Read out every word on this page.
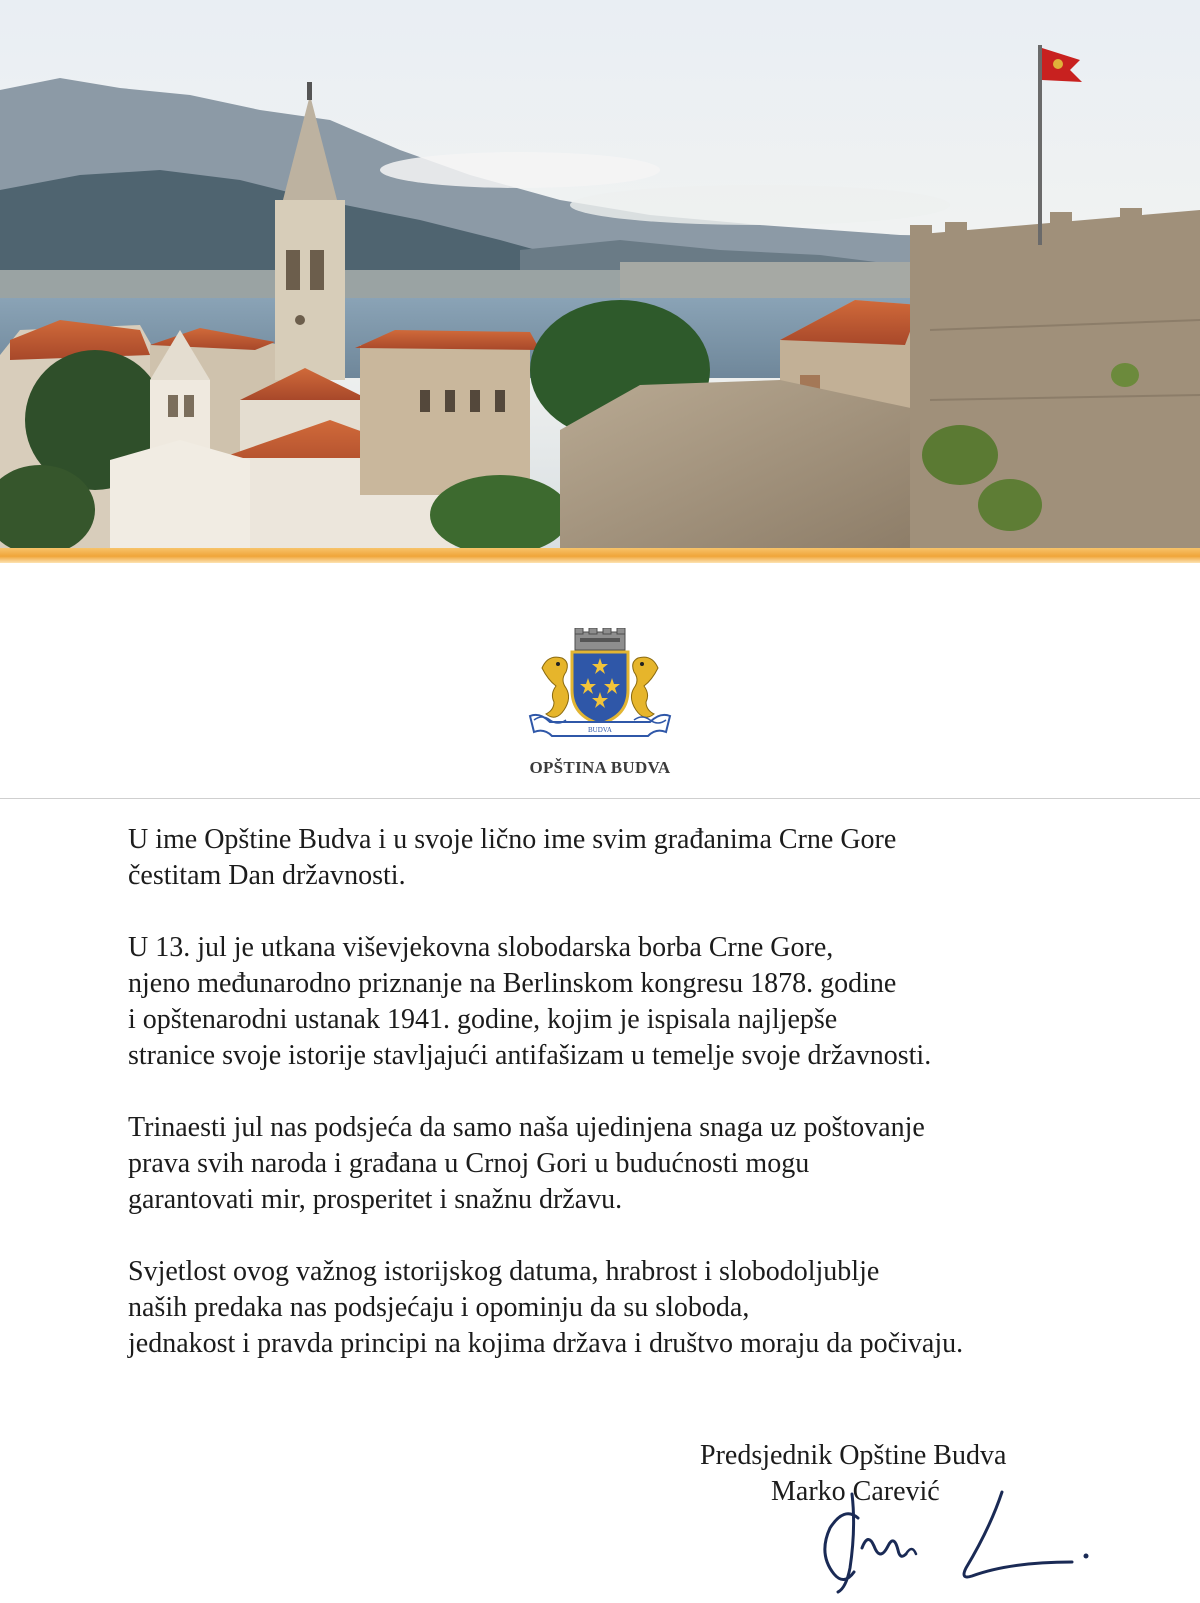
BUDVA
OPŠTINA BUDVA

U ime Opštine Budva i u svoje lično ime svim građanima Crne Gore
čestitam Dan državnosti.

U 13. jul je utkana viševjekovna slobodarska borba Crne Gore,
njeno međunarodno priznanje na Berlinskom kongresu 1878. godine
i opštenarodni ustanak 1941. godine, kojim je ispisala najljepše
stranice svoje istorije stavljajući antifašizam u temelje svoje državnosti.

Trinaesti jul nas podsjeća da samo naša ujedinjena snaga uz poštovanje
prava svih naroda i građana u Crnoj Gori u budućnosti mogu
garantovati mir, prosperitet i snažnu državu.

Svjetlost ovog važnog istorijskog datuma, hrabrost i slobodoljublje
naših predaka nas podsjećaju i opominju da su sloboda,
jednakost i pravda principi na kojima država i društvo moraju da počivaju.

Predsjednik Opštine Budva
Marko Carević
